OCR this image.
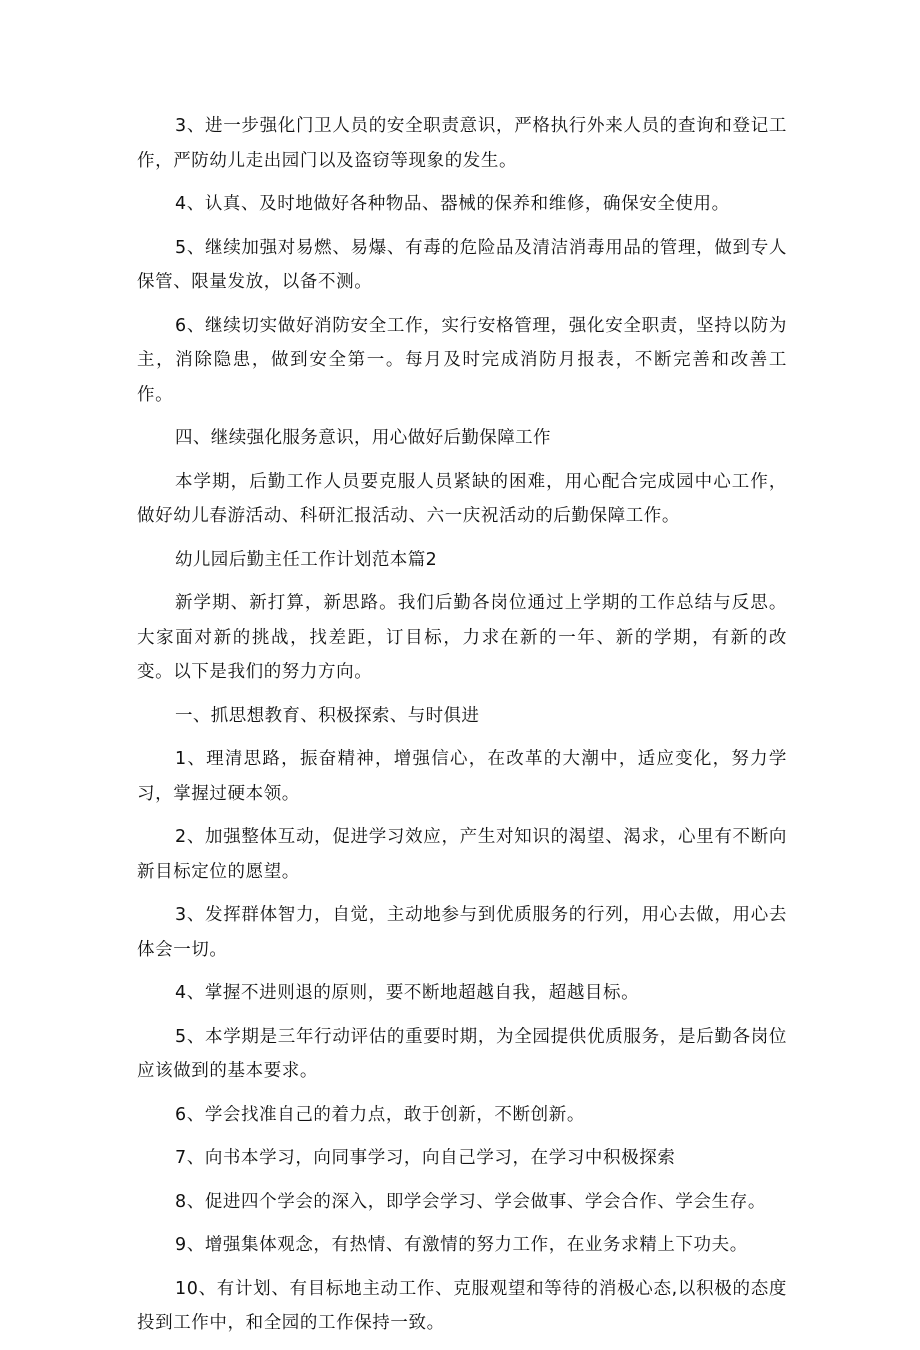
3、进一步强化门卫人员的安全职责意识，严格执行外来人员的查询和登记工作，严防幼儿走出园门以及盗窃等现象的发生。

4、认真、及时地做好各种物品、器械的保养和维修，确保安全使用。

5、继续加强对易燃、易爆、有毒的危险品及清洁消毒用品的管理，做到专人保管、限量发放，以备不测。

6、继续切实做好消防安全工作，实行安格管理，强化安全职责，坚持以防为主，消除隐患，做到安全第一。每月及时完成消防月报表，不断完善和改善工作。

四、继续强化服务意识，用心做好后勤保障工作

本学期，后勤工作人员要克服人员紧缺的困难，用心配合完成园中心工作，做好幼儿春游活动、科研汇报活动、六一庆祝活动的后勤保障工作。

幼儿园后勤主任工作计划范本篇2

新学期、新打算，新思路。我们后勤各岗位通过上学期的工作总结与反思。大家面对新的挑战，找差距，订目标，力求在新的一年、新的学期，有新的改变。以下是我们的努力方向。

一、抓思想教育、积极探索、与时俱进

1、理清思路，振奋精神，增强信心，在改革的大潮中，适应变化，努力学习，掌握过硬本领。

2、加强整体互动，促进学习效应，产生对知识的渴望、渴求，心里有不断向新目标定位的愿望。

3、发挥群体智力，自觉，主动地参与到优质服务的行列，用心去做，用心去体会一切。

4、掌握不进则退的原则，要不断地超越自我，超越目标。

5、本学期是三年行动评估的重要时期，为全园提供优质服务，是后勤各岗位应该做到的基本要求。

6、学会找准自己的着力点，敢于创新，不断创新。

7、向书本学习，向同事学习，向自己学习，在学习中积极探索

8、促进四个学会的深入，即学会学习、学会做事、学会合作、学会生存。

9、增强集体观念，有热情、有激情的努力工作，在业务求精上下功夫。

10、有计划、有目标地主动工作、克服观望和等待的消极心态,以积极的态度投到工作中，和全园的工作保持一致。
